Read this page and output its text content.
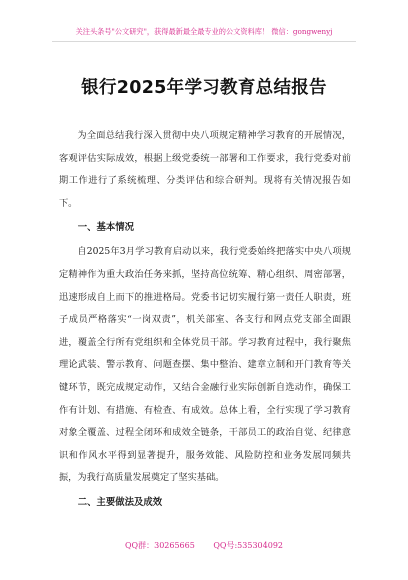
关注头条号"公文研究"，获得最新最全最专业的公文资料库！ 微信：gongwenyj
银行2025年学习教育总结报告

为全面总结我行深入贯彻中央八项规定精神学习教育的开展情况，客观评估实际成效，根据上级党委统一部署和工作要求，我行党委对前期工作进行了系统梳理、分类评估和综合研判。现将有关情况报告如下。

一、基本情况

自2025年3月学习教育启动以来，我行党委始终把落实中央八项规定精神作为重大政治任务来抓，坚持高位统筹、精心组织、周密部署，迅速形成自上而下的推进格局。党委书记切实履行第一责任人职责，班子成员严格落实“一岗双责”，机关部室、各支行和网点党支部全面跟进，覆盖全行所有党组织和全体党员干部。学习教育过程中，我行聚焦理论武装、警示教育、问题查摆、集中整治、建章立制和开门教育等关键环节，既完成规定动作，又结合金融行业实际创新自选动作，确保工作有计划、有措施、有检查、有成效。总体上看，全行实现了学习教育对象全覆盖、过程全闭环和成效全链条，干部员工的政治自觉、纪律意识和作风水平得到显著提升，服务效能、风险防控和业务发展同频共振，为我行高质量发展奠定了坚实基础。

二、主要做法及成效
QQ群：30265665 QQ号:535304092
